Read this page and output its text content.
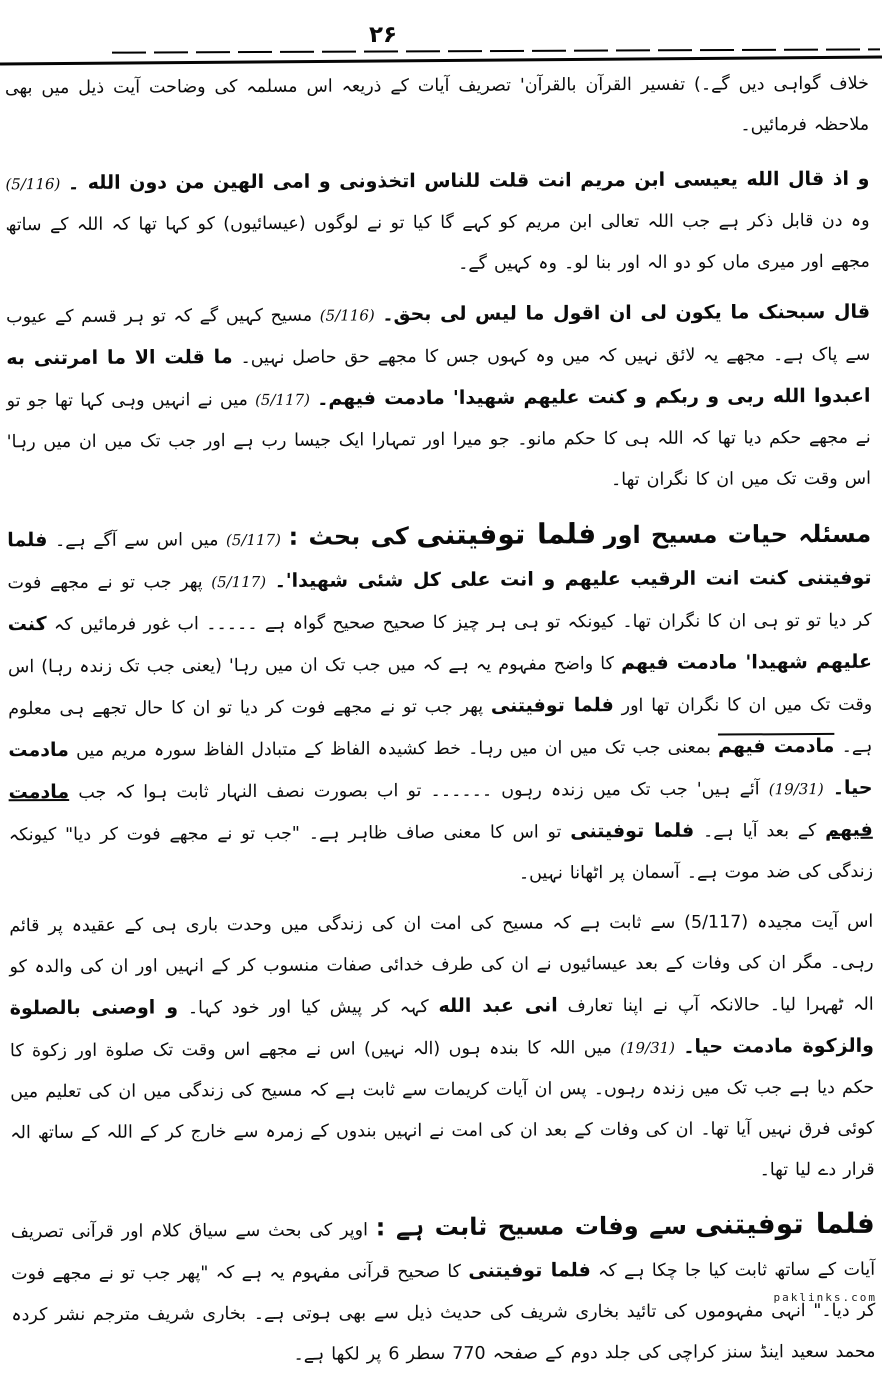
۲۶

خلاف گواہی دیں گے۔) تفسیر القرآن بالقرآن' تصریف آیات کے ذریعہ اس مسلمہ کی وضاحت آیت ذیل میں بھی ملاحظہ فرمائیں۔

و اذ قال الله یعیسی ابن مریم انت قلت للناس اتخذونی و امی الهین من دون الله ۔ (5/116) وہ دن قابل ذکر ہے جب اللہ تعالی ابن مریم کو کہے گا کیا تو نے لوگوں (عیسائیوں) کو کہا تھا کہ اللہ کے ساتھ مجھے اور میری ماں کو دو الہ اور بنا لو۔ وہ کہیں گے۔

قال سبحنک ما یکون لی ان اقول ما لیس لی بحق۔ (5/116) مسیح کہیں گے کہ تو ہر قسم کے عیوب سے پاک ہے۔ مجھے یہ لائق نہیں کہ میں وہ کہوں جس کا مجھے حق حاصل نہیں۔ ما قلت الا ما امرتنی به اعبدوا الله ربی و ربکم و کنت علیهم شهیدا' مادمت فیهم۔ (5/117) میں نے انہیں وہی کہا تھا جو تو نے مجھے حکم دیا تھا کہ اللہ ہی کا حکم مانو۔ جو میرا اور تمہارا ایک جیسا رب ہے اور جب تک میں ان میں رہا' اس وقت تک میں ان کا نگران تھا۔

مسئلہ حیات مسیح اور فلما توفیتنی کی بحث : (5/117) میں اس سے آگے ہے۔ فلما توفیتنی کنت انت الرقیب علیهم و انت علی کل شئی شهیدا'۔ (5/117) پھر جب تو نے مجھے فوت کر دیا تو تو ہی ان کا نگران تھا۔ کیونکہ تو ہی ہر چیز کا صحیح صحیح گواہ ہے ۔۔۔۔۔ اب غور فرمائیں کہ کنت علیهم شهیدا' مادمت فیهم کا واضح مفہوم یہ ہے کہ میں جب تک ان میں رہا' (یعنی جب تک زندہ رہا) اس وقت تک میں ان کا نگران تھا اور فلما توفیتنی پھر جب تو نے مجھے فوت کر دیا تو ان کا حال تجھے ہی معلوم ہے۔ مادمت فیهم بمعنی جب تک میں ان میں رہا۔ خط کشیدہ الفاظ کے متبادل الفاظ سورہ مریم میں مادمت حیا۔ (19/31) آئے ہیں' جب تک میں زندہ رہوں ۔۔۔۔۔۔ تو اب بصورت نصف النہار ثابت ہوا کہ جب مادمت فیهم کے بعد آیا ہے۔ فلما توفیتنی تو اس کا معنی صاف ظاہر ہے۔ "جب تو نے مجھے فوت کر دیا" کیونکہ زندگی کی ضد موت ہے۔ آسمان پر اٹھانا نہیں۔

اس آیت مجیدہ (5/117) سے ثابت ہے کہ مسیح کی امت ان کی زندگی میں وحدت باری ہی کے عقیدہ پر قائم رہی۔ مگر ان کی وفات کے بعد عیسائیوں نے ان کی طرف خدائی صفات منسوب کر کے انہیں اور ان کی والدہ کو الہ ٹھہرا لیا۔ حالانکہ آپ نے اپنا تعارف انی عبد الله کہہ کر پیش کیا اور خود کہا۔ و اوصنی بالصلوة والزکوة مادمت حیا۔ (19/31) میں اللہ کا بندہ ہوں (الہ نہیں) اس نے مجھے اس وقت تک صلوة اور زکوة کا حکم دیا ہے جب تک میں زندہ رہوں۔ پس ان آیات کریمات سے ثابت ہے کہ مسیح کی زندگی میں ان کی تعلیم میں کوئی فرق نہیں آیا تھا۔ ان کی وفات کے بعد ان کی امت نے انہیں بندوں کے زمرہ سے خارج کر کے اللہ کے ساتھ الہ قرار دے لیا تھا۔

فلما توفیتنی سے وفات مسیح ثابت ہے : اوپر کی بحث سے سیاق کلام اور قرآنی تصریف آیات کے ساتھ ثابت کیا جا چکا ہے کہ فلما توفیتنی کا صحیح قرآنی مفہوم یہ ہے کہ "پھر جب تو نے مجھے فوت کر دیا۔" انہی مفہوموں کی تائید بخاری شریف کی حدیث ذیل سے بھی ہوتی ہے۔ بخاری شریف مترجم نشر کردہ محمد سعید اینڈ سنز کراچی کی جلد دوم کے صفحہ 770 سطر 6 پر لکھا ہے۔

paklinks.com
